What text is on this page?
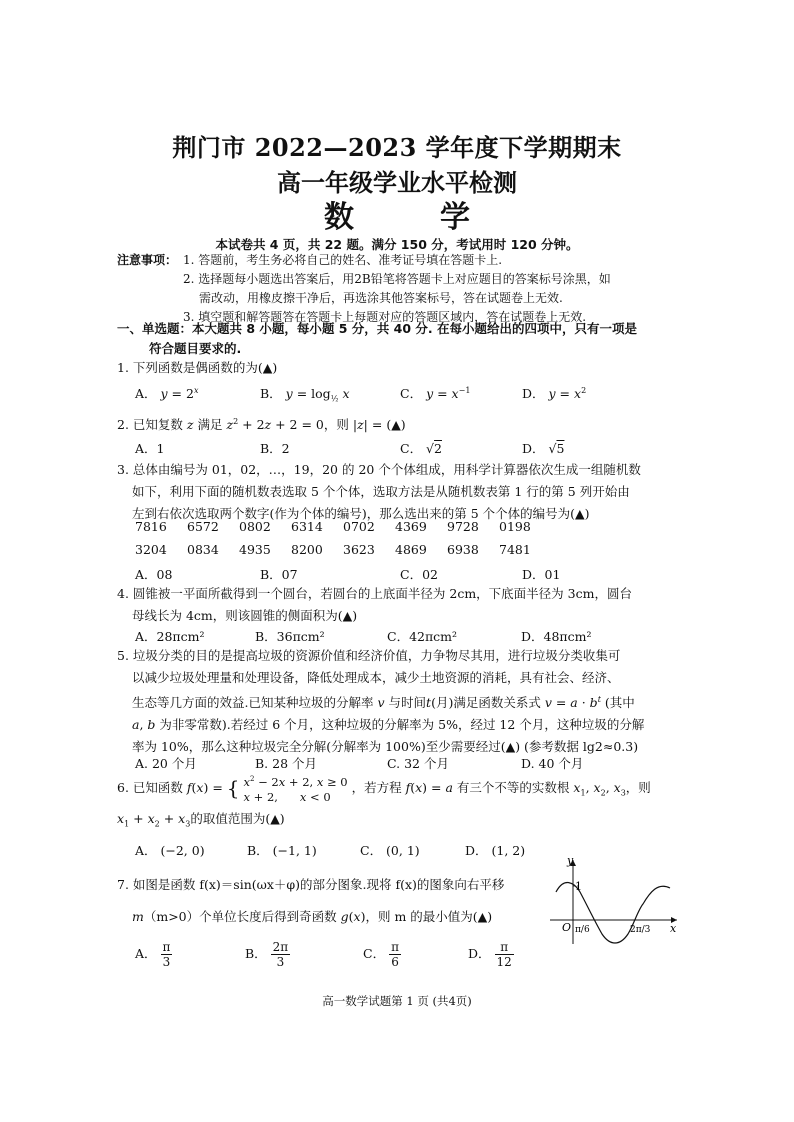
荆门市 2022—2023 学年度下学期期末
高一年级学业水平检测
数　学
本试卷共 4 页，共 22 题。满分 150 分，考试用时 120 分钟。
注意事项： 1. 答题前，考生务必将自己的姓名、准考证号填在答题卡上.
2. 选择题每小题选出答案后，用2B铅笔将答题卡上对应题目的答案标号涂黑，如
需改动，用橡皮擦干净后，再选涂其他答案标号，答在试题卷上无效.
3. 填空题和解答题答在答题卡上每题对应的答题区域内，答在试题卷上无效.
一、单选题：本大题共 8 小题，每小题 5 分，共 40 分. 在每小题给出的四项中，只有一项是
符合题目要求的.
1. 下列函数是偶函数的为(▲)
A． $y = 2^x$	B． $y = \log_{\frac{1}{2}} x$	C． $y = x^{-1}$	D． $y = x^2$
2. 已知复数 z 满足 $z^2 + 2z + 2 = 0$，则 |z| = (▲)
A．1	B．2	C． √2	D． √5
3. 总体由编号为 01，02，…，19，20 的 20 个个体组成，用科学计算器依次生成一组随机数
如下，利用下面的随机数表选取 5 个个体，选取方法是从随机数表第 1 行的第 5 列开始由
左到右依次选取两个数字(作为个体的编号)，那么选出来的第 5 个个体的编号为(▲)
7816 6572 0802 6314 0702 4369 9728 0198
3204 0834 4935 8200 3623 4869 6938 7481
A．08	B．07	C．02	D．01
4. 圆锥被一平面所截得到一个圆台，若圆台的上底面半径为 2cm，下底面半径为 3cm，圆台
母线长为 4cm，则该圆锥的侧面积为(▲)
A．28πcm²	B．36πcm²	C．42πcm²	D．48πcm²
5. 垃圾分类的目的是提高垃圾的资源价值和经济价值，力争物尽其用，进行垃圾分类收集可
以减少垃圾处理量和处理设备，降低处理成本，减少土地资源的消耗，具有社会、经济、
生态等几方面的效益.已知某种垃圾的分解率 v 与时间t(月)满足函数关系式 $v = a \cdot b^t$ (其中
a, b 为非零常数).若经过 6 个月，这种垃圾的分解率为 5%，经过 12 个月，这种垃圾的分解
率为 10%，那么这种垃圾完全分解(分解率为 100%)至少需要经过(▲) (参考数据 lg2≈0.3)
A. 20 个月	B. 28 个月	C. 32 个月	D. 40 个月
6. 已知函数 f(x) = { $x^2 - 2x + 2$, x ≥ 0
x + 2,      x < 0
，若方程 f(x) = a 有三个不等的实数根 $x_1$, $x_2$, $x_3$，则
$x_1 + x_2 + x_3$的取值范围为(▲)
A． (−2, 0)	B． (−1, 1)	C． (0, 1)	D． (1, 2)
7. 如图是函数 f(x)＝sin(ωx＋φ)的部分图象.现将 f(x)的图象向右平移
m（m>0）个单位长度后得到奇函数 g(x)，则 m 的最小值为(▲)
A． $\frac{\pi}{3}$	B． $\frac{2\pi}{3}$	C． $\frac{\pi}{6}$	D． $\frac{\pi}{12}$
y
x
O
1
π/6	2π/3
高一数学试题第 1 页 (共4页)
